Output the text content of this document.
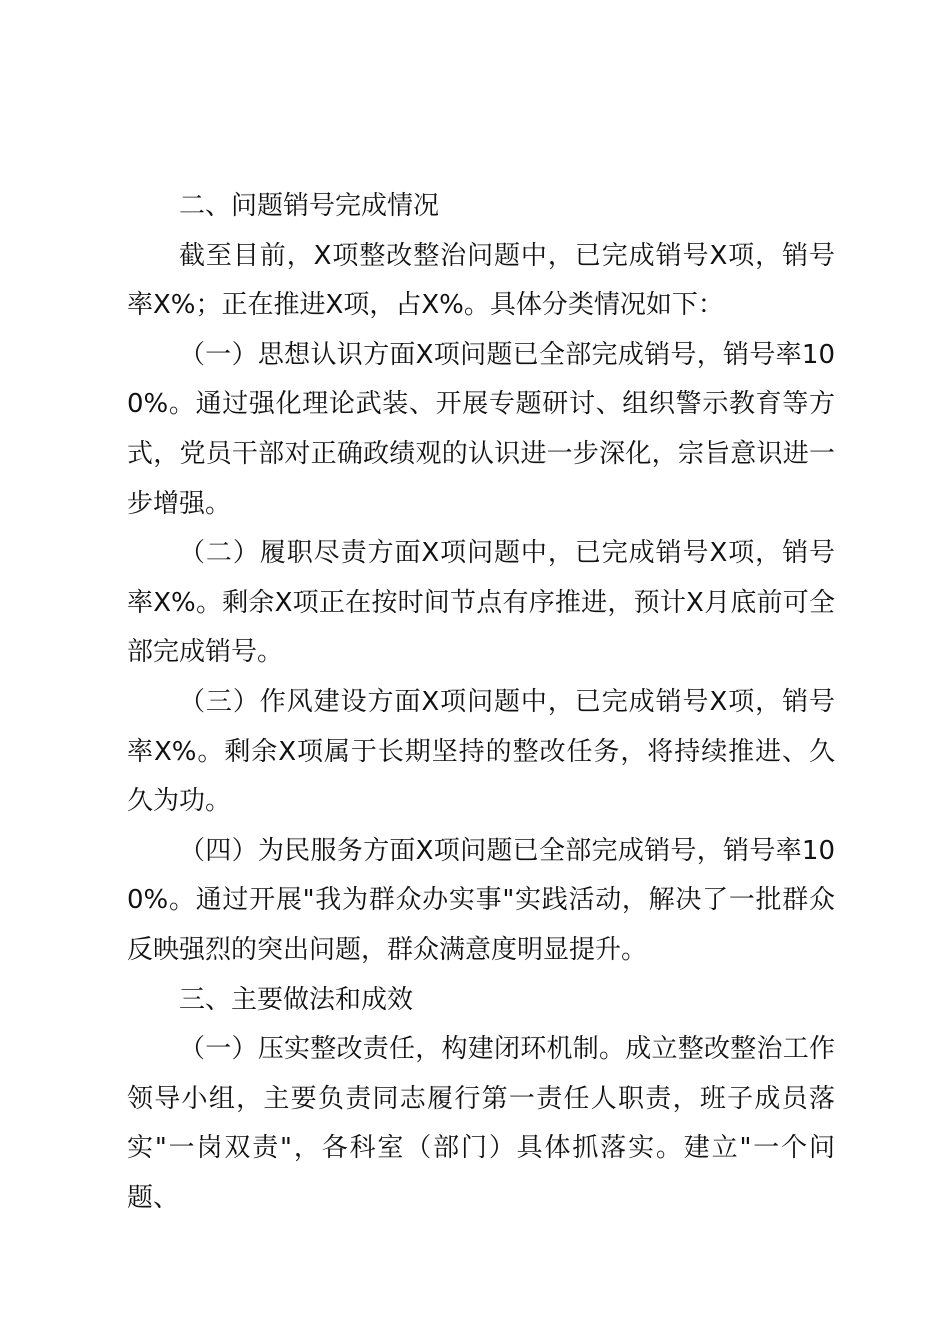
二、问题销号完成情况

截至目前，X项整改整治问题中，已完成销号X项，销号率X%；正在推进X项，占X%。具体分类情况如下：

（一）思想认识方面X项问题已全部完成销号，销号率100%。通过强化理论武装、开展专题研讨、组织警示教育等方式，党员干部对正确政绩观的认识进一步深化，宗旨意识进一步增强。

（二）履职尽责方面X项问题中，已完成销号X项，销号率X%。剩余X项正在按时间节点有序推进，预计X月底前可全部完成销号。

（三）作风建设方面X项问题中，已完成销号X项，销号率X%。剩余X项属于长期坚持的整改任务，将持续推进、久久为功。

（四）为民服务方面X项问题已全部完成销号，销号率100%。通过开展"我为群众办实事"实践活动，解决了一批群众反映强烈的突出问题，群众满意度明显提升。

三、主要做法和成效

（一）压实整改责任，构建闭环机制。成立整改整治工作领导小组，主要负责同志履行第一责任人职责，班子成员落实"一岗双责"，各科室（部门）具体抓落实。建立"一个问题、
